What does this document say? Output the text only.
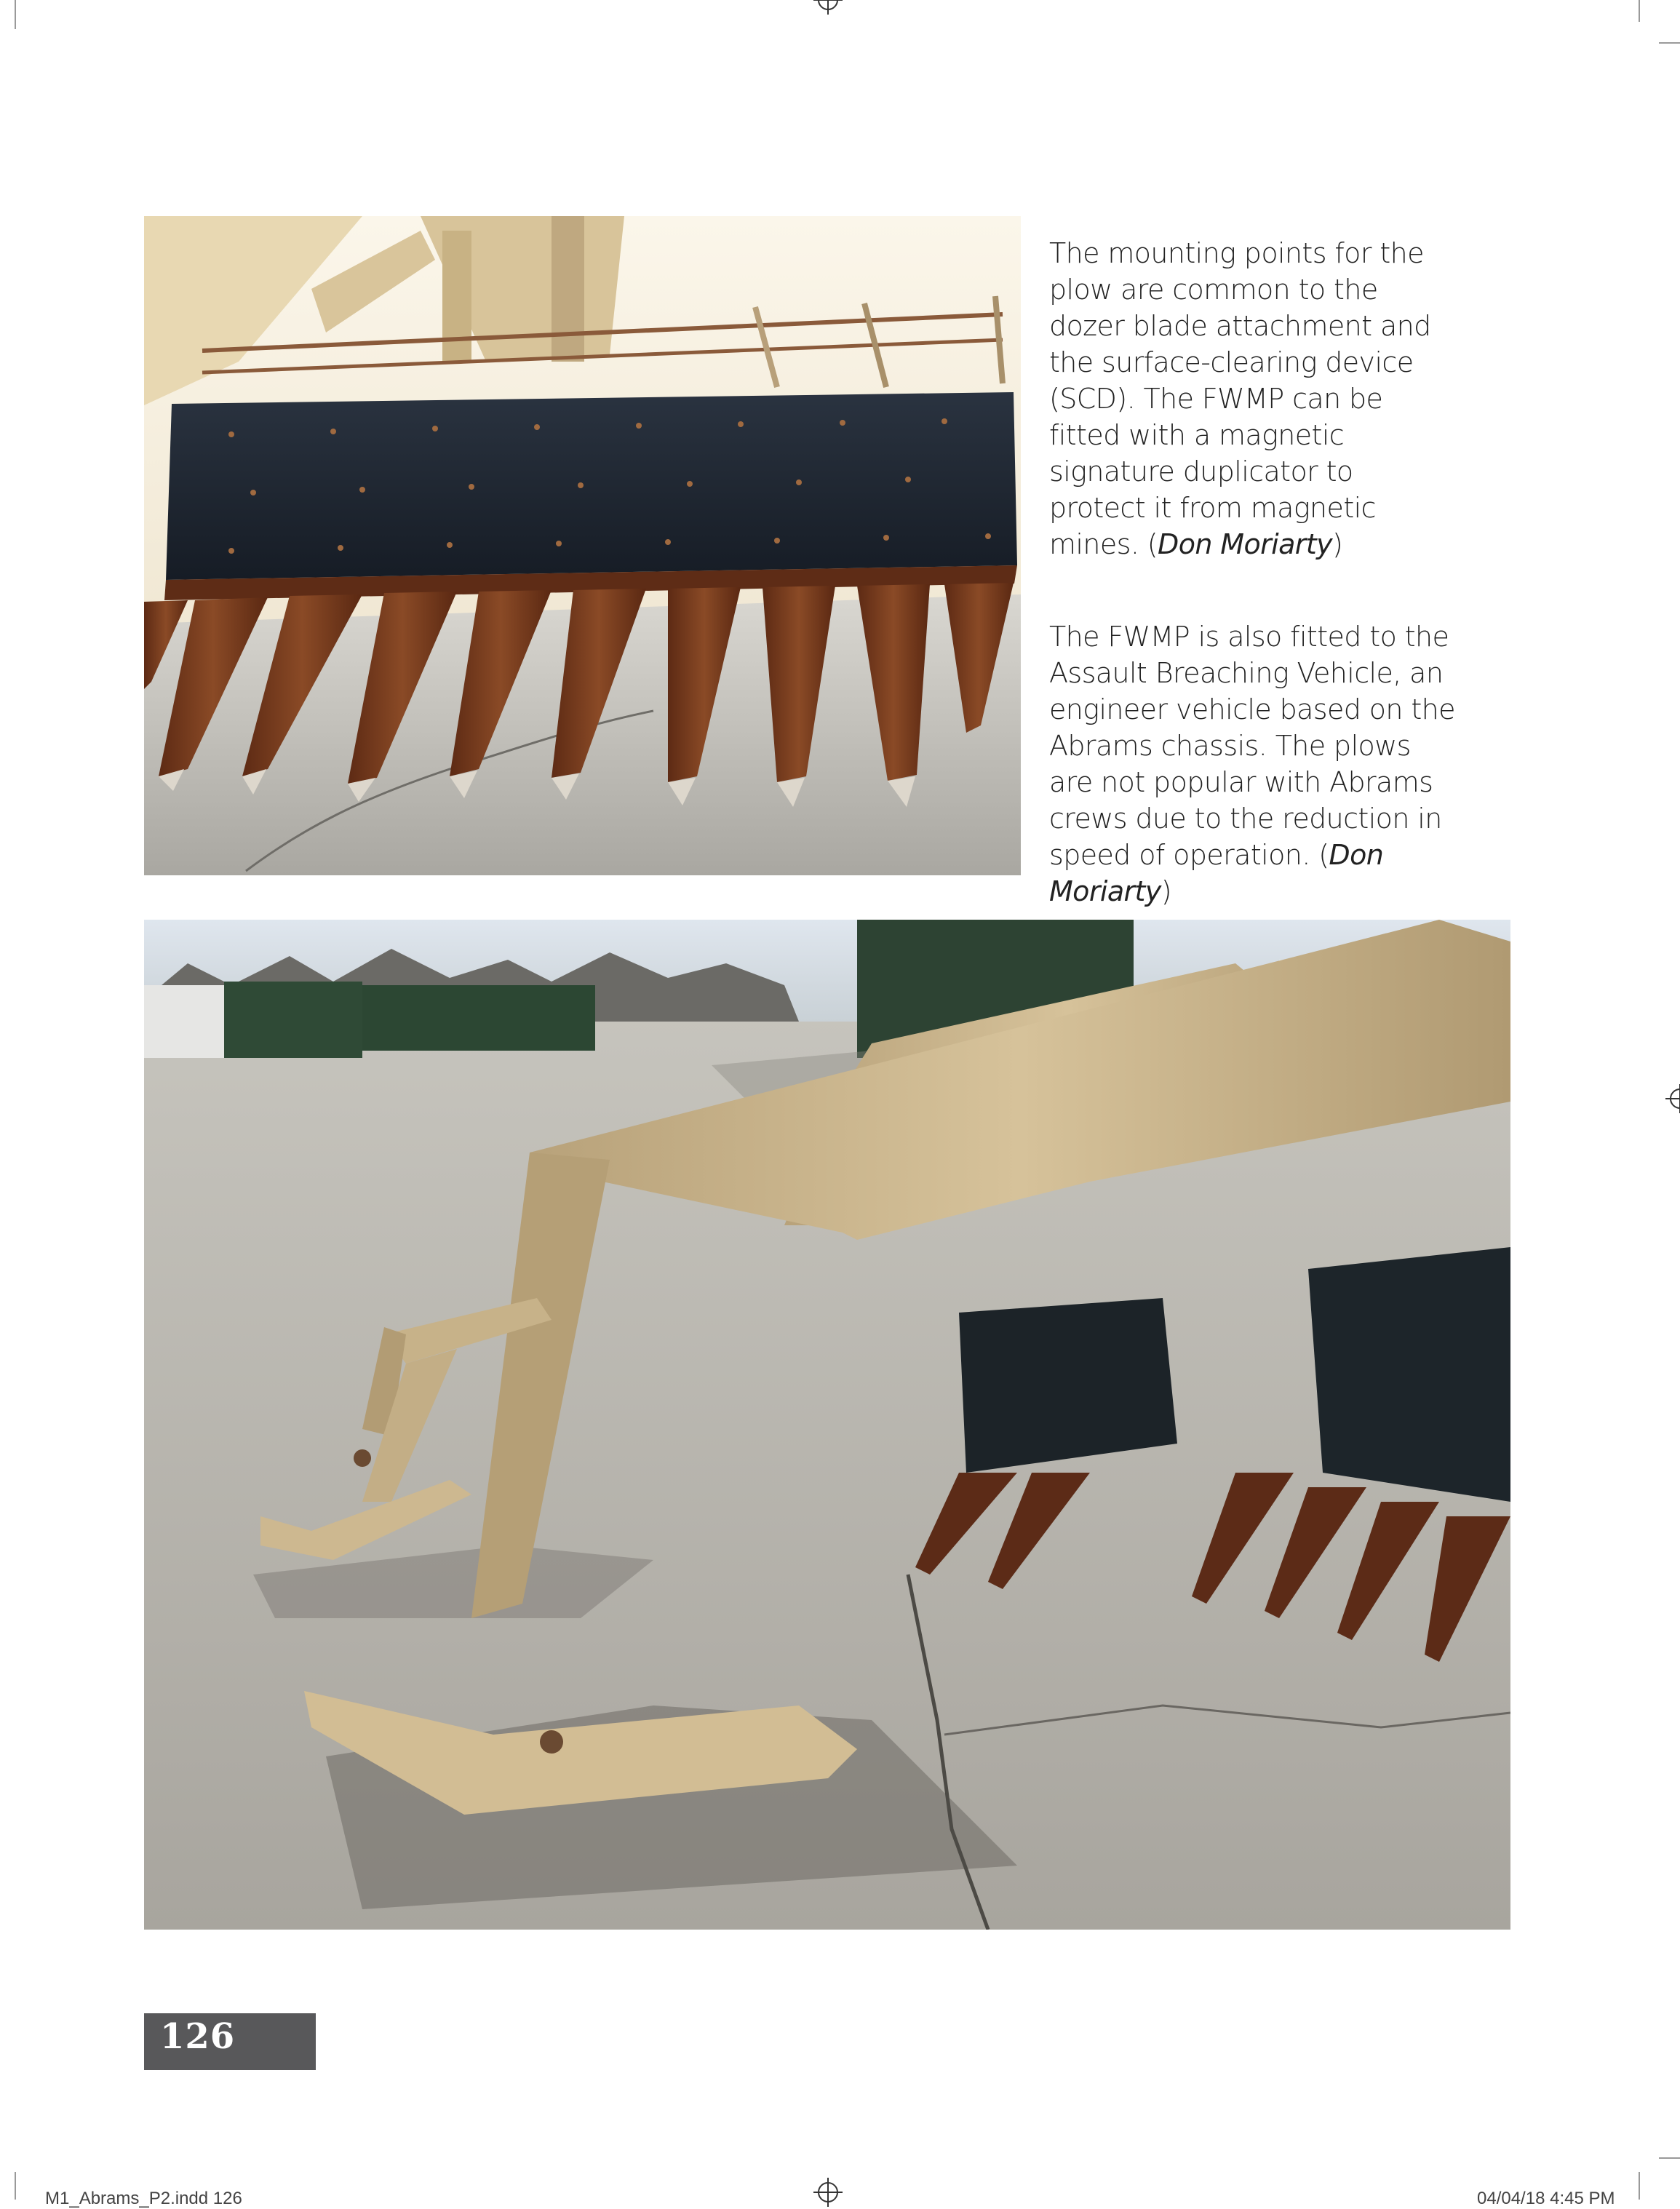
The mounting points for the plow are common to the dozer blade attachment and the surface-clearing device (SCD). The FWMP can be fitted with a magnetic signature duplicator to protect it from magnetic mines. (Don Moriarty)

The FWMP is also fitted to the Assault Breaching Vehicle, an engineer vehicle based on the Abrams chassis. The plows are not popular with Abrams crews due to the reduction in speed of operation. (Don Moriarty)

126
M1_Abrams_P2.indd 126	04/04/18 4:45 PM
